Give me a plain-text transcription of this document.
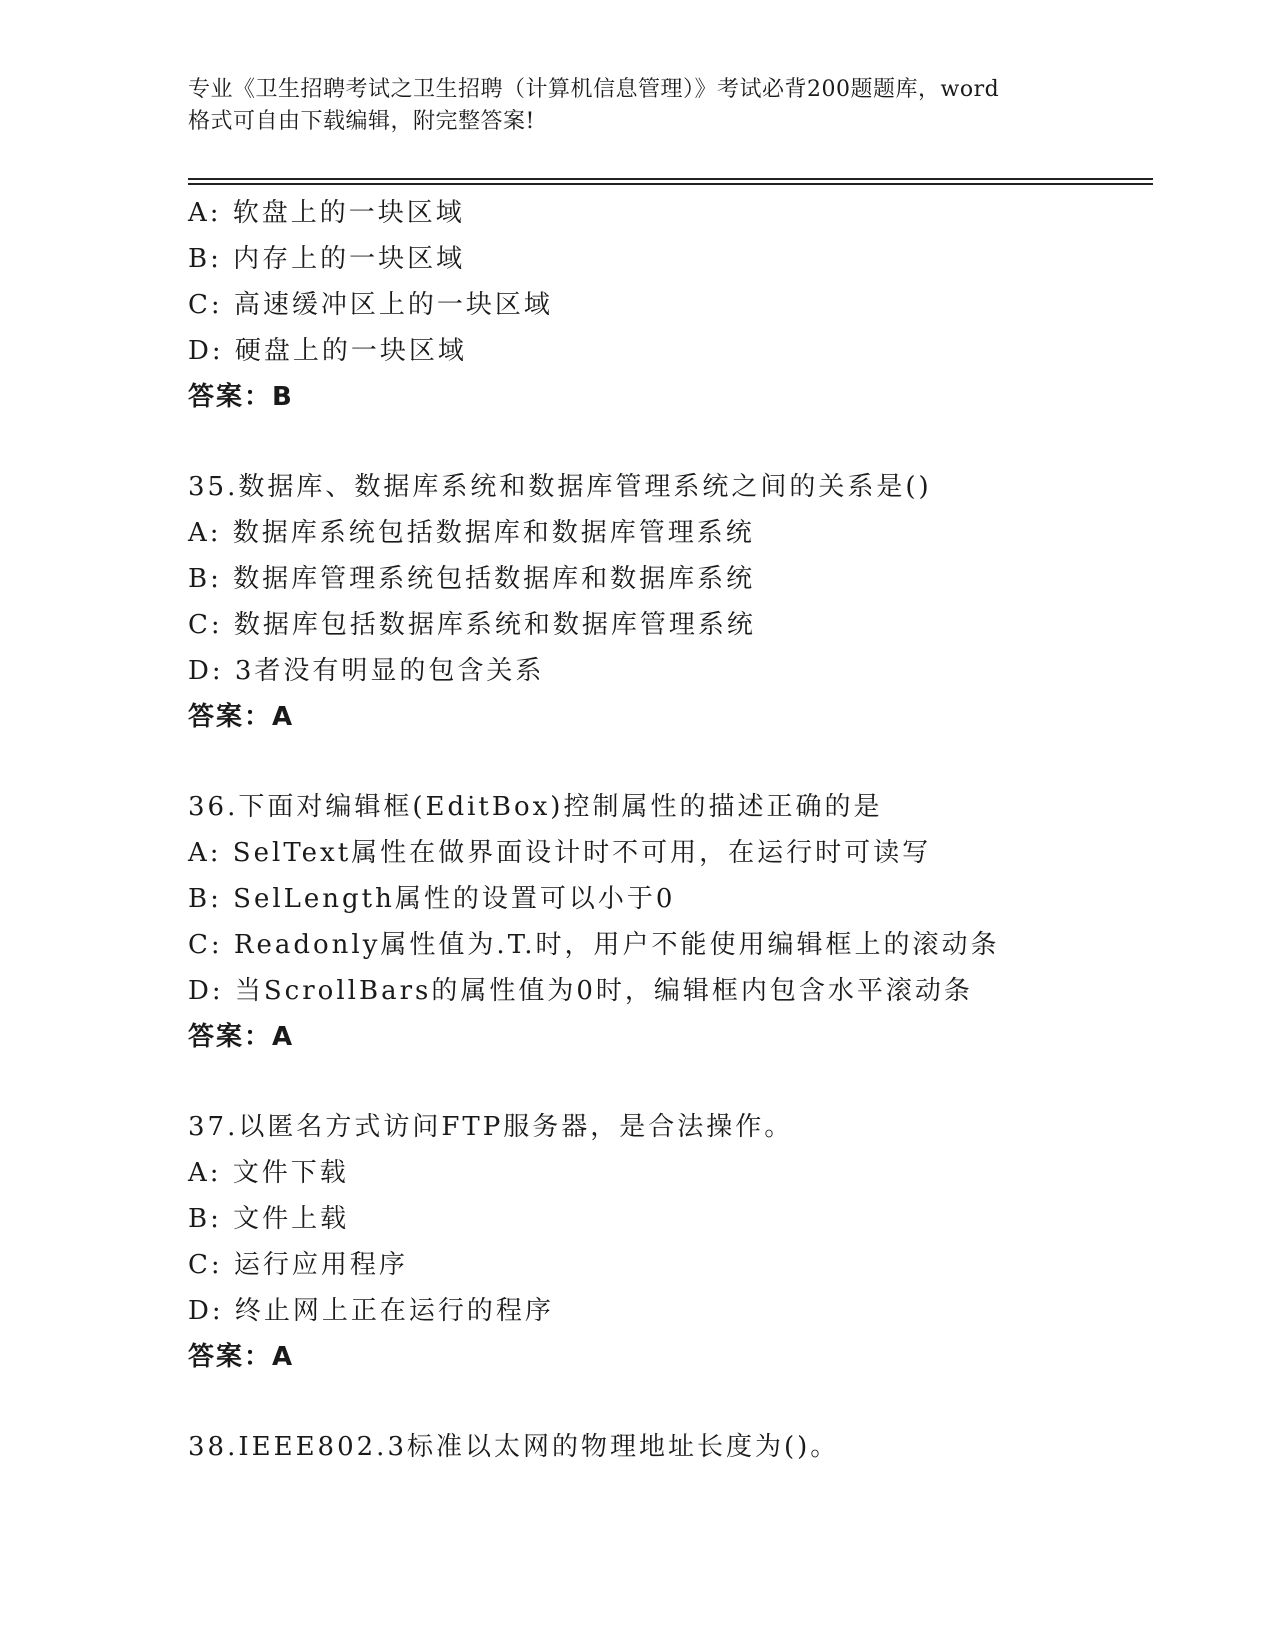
专业《卫生招聘考试之卫生招聘（计算机信息管理）》考试必背200题题库，word
格式可自由下载编辑，附完整答案!
A: 软盘上的一块区域
B: 内存上的一块区域
C: 高速缓冲区上的一块区域
D: 硬盘上的一块区域
答案：B
35.数据库、数据库系统和数据库管理系统之间的关系是()
A: 数据库系统包括数据库和数据库管理系统
B: 数据库管理系统包括数据库和数据库系统
C: 数据库包括数据库系统和数据库管理系统
D: 3者没有明显的包含关系
答案：A
36.下面对编辑框(EditBox)控制属性的描述正确的是
A: SelText属性在做界面设计时不可用，在运行时可读写
B: SelLength属性的设置可以小于0
C: Readonly属性值为.T.时，用户不能使用编辑框上的滚动条
D: 当ScrollBars的属性值为0时，编辑框内包含水平滚动条
答案：A
37.以匿名方式访问FTP服务器，是合法操作。
A: 文件下载
B: 文件上载
C: 运行应用程序
D: 终止网上正在运行的程序
答案：A
38.IEEE802.3标准以太网的物理地址长度为()。
